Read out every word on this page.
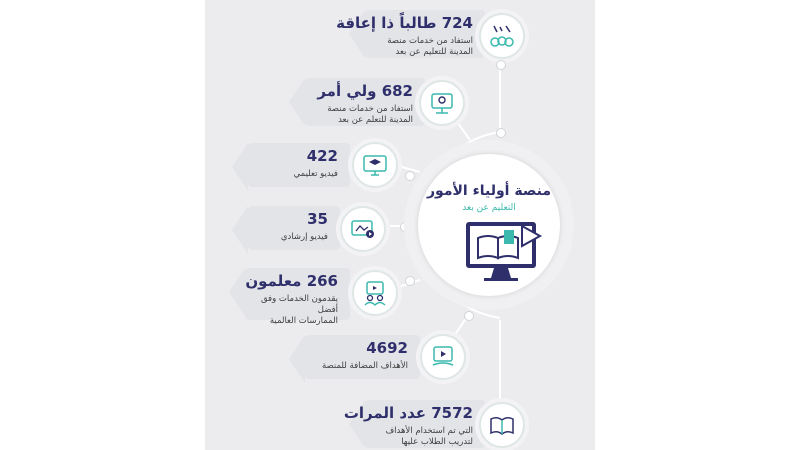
724 طالباً ذا إعاقة
استفاد من خدمات منصة
المدينة للتعليم عن بعد
682 ولي أمر
استفاد من خدمات منصة
المدينة للتعلم عن بعد
422
فيديو تعليمي
35
فيديو إرشادي
266 معلمون
يقدمون الخدمات وفق أفضل
الممارسات العالمية
4692
الأهداف المضافة للمنصة
7572 عدد المرات
التي تم استخدام الأهداف
لتدريب الطلاب عليها
منصة أولياء الأمور
التعليم عن بعد
